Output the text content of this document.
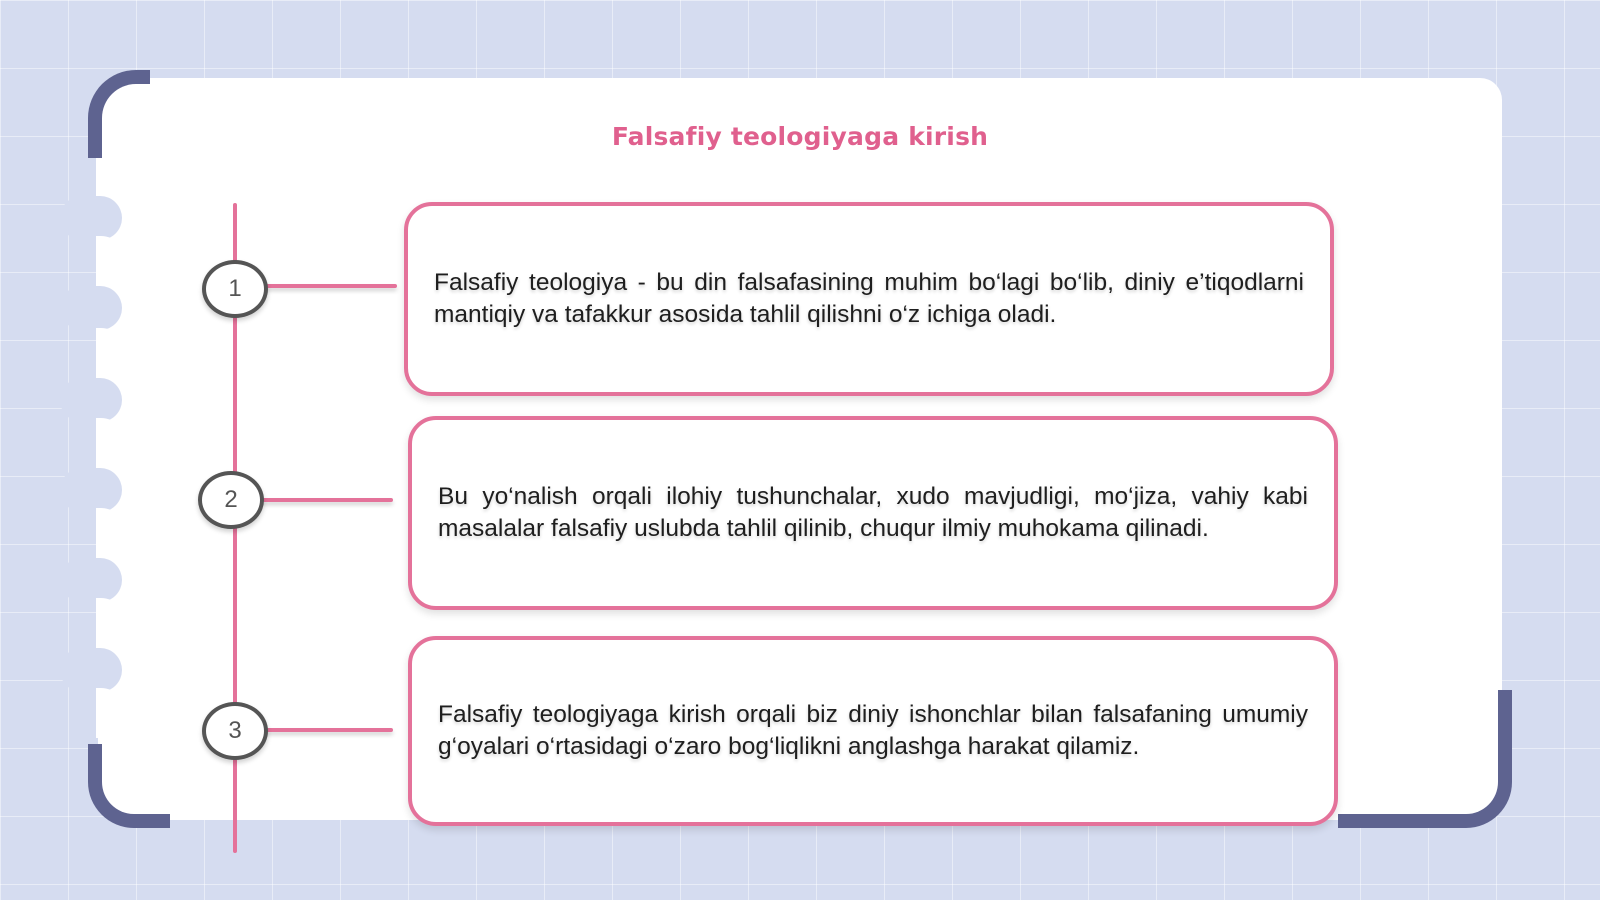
Falsafiy teologiyaga kirish
1	Falsafiy teologiya - bu din falsafasining muhim bo‘lagi bo‘lib, diniy e’tiqodlarni mantiqiy va tafakkur asosida tahlil qilishni o‘z ichiga oladi.
2	Bu yo‘nalish orqali ilohiy tushunchalar, xudo mavjudligi, mo‘jiza, vahiy kabi masalalar falsafiy uslubda tahlil qilinib, chuqur ilmiy muhokama qilinadi.
3
Falsafiy teologiyaga kirish orqali biz diniy ishonchlar bilan falsafaning umumiy g‘oyalari o‘rtasidagi o‘zaro bog‘liqlikni anglashga harakat qilamiz.
